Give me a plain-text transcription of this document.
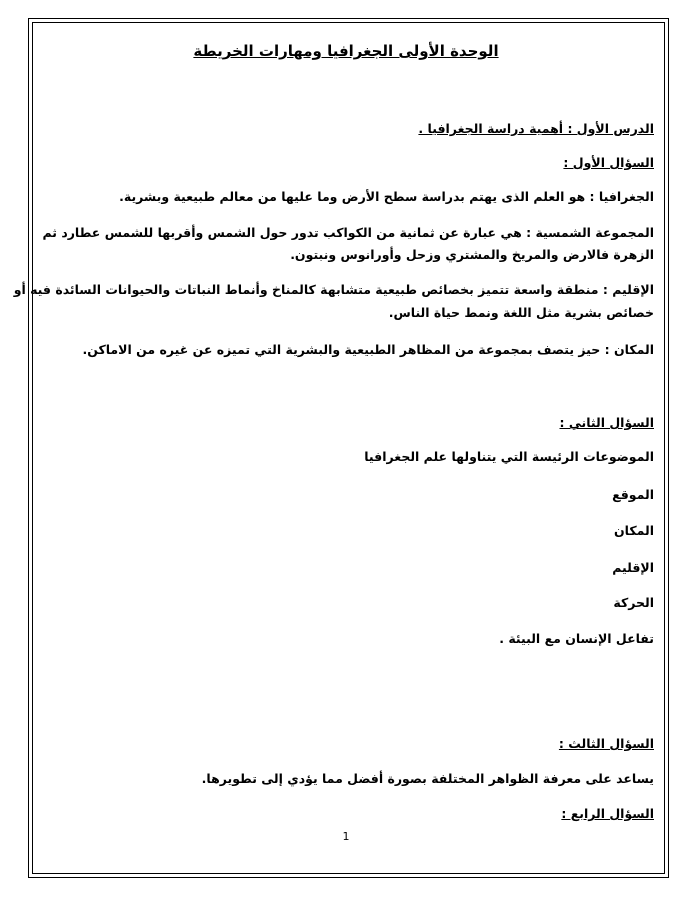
الوحدة الأولى الجغرافيا ومهارات الخريطة
الدرس الأول : أهمية دراسة الجغرافيا .
السؤال الأول :
الجغرافيا : هو العلم الذى يهتم بدراسة سطح الأرض وما عليها من معالم طبيعية وبشرية.
المجموعة الشمسية : هي عبارة عن ثمانية من الكواكب تدور حول الشمس وأقربها للشمس عطارد ثم
الزهرة فالارض والمريخ والمشتري وزحل وأورانوس ونبتون.
الإقليم : منطقة واسعة تتميز بخصائص طبيعية متشابهة كالمناخ وأنماط النباتات والحيوانات السائدة فيه أو
خصائص بشرية مثل اللغة ونمط حياة الناس.
المكان : حيز يتصف بمجموعة من المظاهر الطبيعية والبشرية التي تميزه عن غيره من الاماكن.
السؤال الثاني :
الموضوعات الرئيسة التي يتناولها علم الجغرافيا
الموقع
المكان
الإقليم
الحركة
تفاعل الإنسان مع البيئة .
السؤال الثالث :
يساعد على معرفة الظواهر المختلفة بصورة أفضل مما يؤدي إلى تطويرها.
السؤال الرابع :
1
